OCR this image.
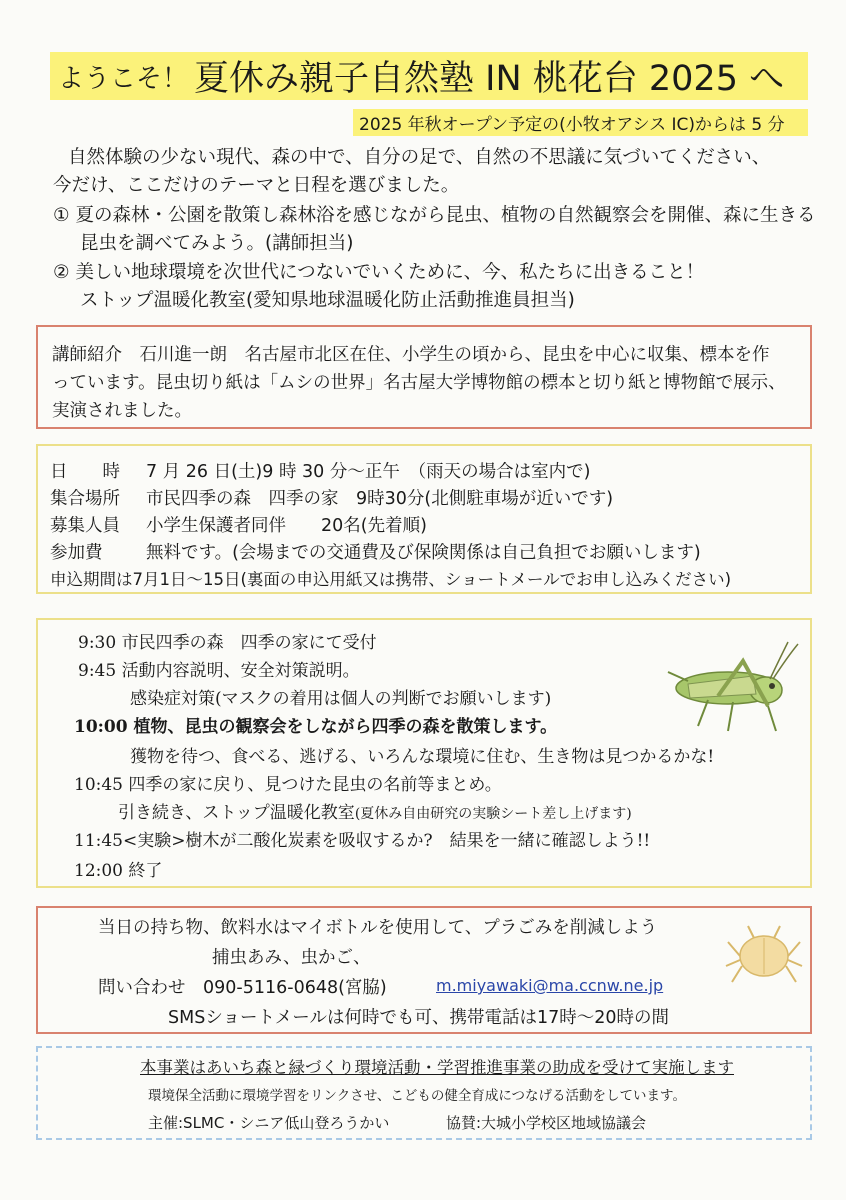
ようこそ！ 夏休み親子自然塾 IN 桃花台 2025 へ
2025 年秋オープン予定の(小牧オアシス IC)からは 5 分
自然体験の少ない現代、森の中で、自分の足で、自然の不思議に気づいてください、
今だけ、ここだけのテーマと日程を選びました。
① 夏の森林・公園を散策し森林浴を感じながら昆虫、植物の自然観察会を開催、森に生きる
昆虫を調べてみよう。(講師担当)
② 美しい地球環境を次世代につないでいくために、今、私たちに出きること！
ストップ温暖化教室(愛知県地球温暖化防止活動推進員担当)
講師紹介　石川進一朗　名古屋市北区在住、小学生の頃から、昆虫を中心に収集、標本を作
っています。昆虫切り紙は「ムシの世界」名古屋大学博物館の標本と切り紙と博物館で展示、
実演されました。
日　　時 7 月 26 日(土)9 時 30 分～正午　（雨天の場合は室内で)
集合場所 市民四季の森　四季の家　9時30分(北側駐車場が近いです)
募集人員 小学生保護者同伴　　20名(先着順)
参加費 無料です。(会場までの交通費及び保険関係は自己負担でお願いします)
申込期間は7月1日～15日(裏面の申込用紙又は携帯、ショートメールでお申し込みください)
9:30 市民四季の森　四季の家にて受付
9:45 活動内容説明、安全対策説明。
感染症対策(マスクの着用は個人の判断でお願いします)
10:00 植物、昆虫の観察会をしながら四季の森を散策します。
獲物を待つ、食べる、逃げる、いろんな環境に住む、生き物は見つかるかな!
10:45 四季の家に戻り、見つけた昆虫の名前等まとめ。
引き続き、ストップ温暖化教室(夏休み自由研究の実験シート差し上げます)
11:45<実験>樹木が二酸化炭素を吸収するか?　結果を一緒に確認しよう!!
12:00 終了
当日の持ち物、飲料水はマイボトルを使用して、プラごみを削減しよう
捕虫あみ、虫かご、
問い合わせ　090-5116-0648(宮脇)	m.miyawaki@ma.ccnw.ne.jp
SMSショートメールは何時でも可、携帯電話は17時～20時の間
本事業はあいち森と緑づくり環境活動・学習推進事業の助成を受けて実施します
環境保全活動に環境学習をリンクさせ、こどもの健全育成につなげる活動をしています。
主催:SLMC・シニア低山登ろうかい	協賛:大城小学校区地域協議会
